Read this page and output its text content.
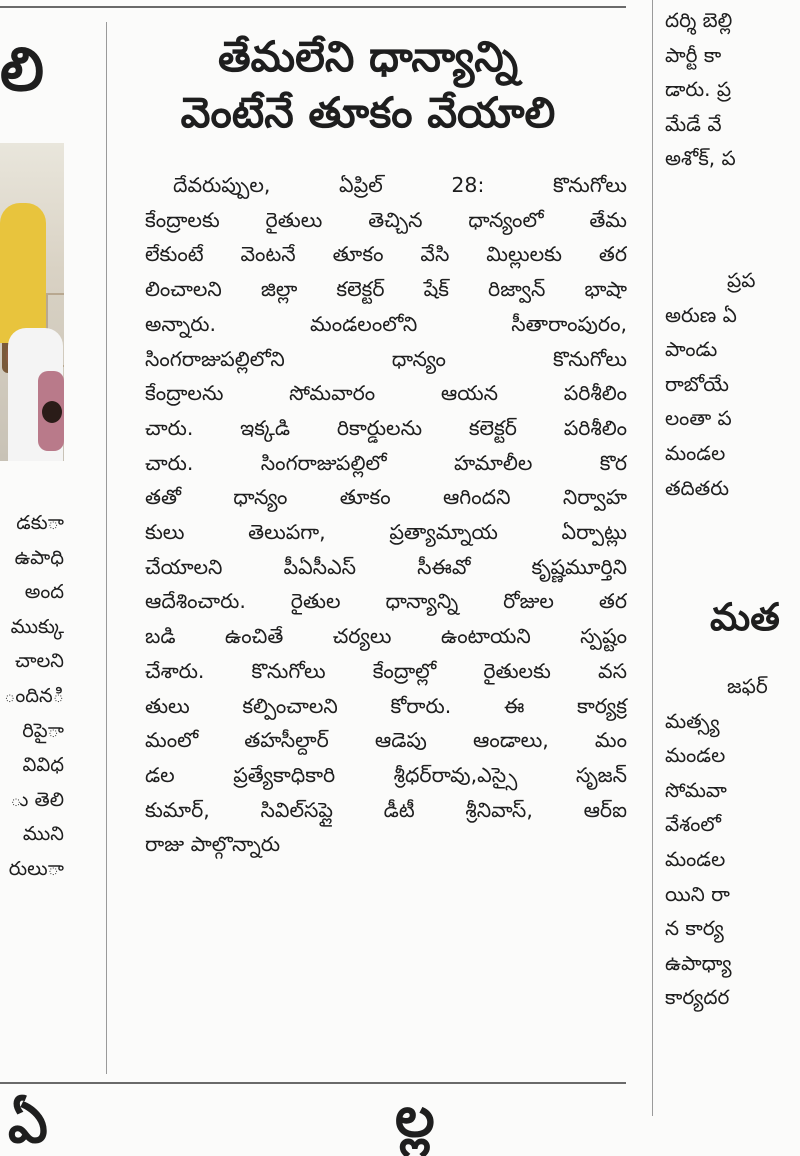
లి
ాడకు
ఉపాధి
అంద
ముక్కు
చాలని
ిందిన
ారిపై
వివిధ
ు తెలి
ముని
ారులు
తేమలేని ధాన్యాన్ని
వెంటేనే తూకం వేయాలి
దేవరుప్పుల, ఏప్రిల్ 28: కొనుగోలు
కేంద్రాలకు రైతులు తెచ్చిన ధాన్యంలో తేమ
లేకుంటే వెంటనే తూకం వేసి మిల్లులకు తర
లించాలని జిల్లా కలెక్టర్ షేక్ రిజ్వాన్ భాషా
అన్నారు. మండలంలోని సీతారాంపురం,
సింగరాజుపల్లిలోని ధాన్యం కొనుగోలు
కేంద్రాలను సోమవారం ఆయన పరిశీలిం
చారు. ఇక్కడి రికార్డులను కలెక్టర్ పరిశీలిం
చారు. సింగరాజుపల్లిలో హమాలీల కొర
తతో ధాన్యం తూకం ఆగిందని నిర్వాహ
కులు తెలుపగా, ప్రత్యామ్నాయ ఏర్పాట్లు
చేయాలని పీఏసీఎస్ సీఈవో కృష్ణమూర్తిని
ఆదేశించారు. రైతుల ధాన్యాన్ని రోజుల తర
బడి ఉంచితే చర్యలు ఉంటాయని స్పష్టం
చేశారు. కొనుగోలు కేంద్రాల్లో రైతులకు వస
తులు కల్పించాలని కోరారు. ఈ కార్యక్ర
మంలో తహసీల్దార్ ఆడెపు ఆండాలు, మం
డల ప్రత్యేకాధికారి శ్రీధర్‌రావు,ఎస్సై సృజన్
కుమార్, సివిల్‌సప్లై డీటీ శ్రీనివాస్, ఆర్ఐ
రాజు పాల్గొన్నారు
ఏ	ల్ల
దర్శి బెల్లి
పార్టీ కా
డారు. ప్ర
మేడే వే
అశోక్, ప
ప్రప
అరుణ ఏ
పాండు
రాబోయే
లంతా ప
మండల
తదితరు
మత
జఫర్
మత్స్య
మండల
సోమవా
వేశంలో
మండల
యిని రా
న కార్య
ఉపాధ్యా
కార్యదర
